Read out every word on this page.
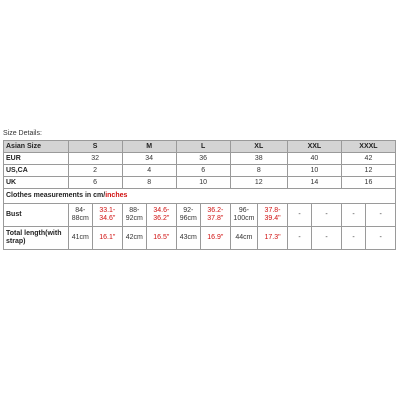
Size Details:
Asian Size	S		M		L		XL		XXL		XXXL	
EUR	32		34		36		38		40		42	
US,CA	2		4		6		8		10		12	
UK	6		8		10		12		14		16	
Clothes measurements in cm/inches												
Bust	84-88cm	33.1-34.6"	88-92cm	34.6-36.2"	92-96cm	36.2-37.8"	96-100cm	37.8-39.4"	-	-	-	-
Total length(with strap)	41cm	16.1"	42cm	16.5"	43cm	16.9"	44cm	17.3"	-	-	-	-
